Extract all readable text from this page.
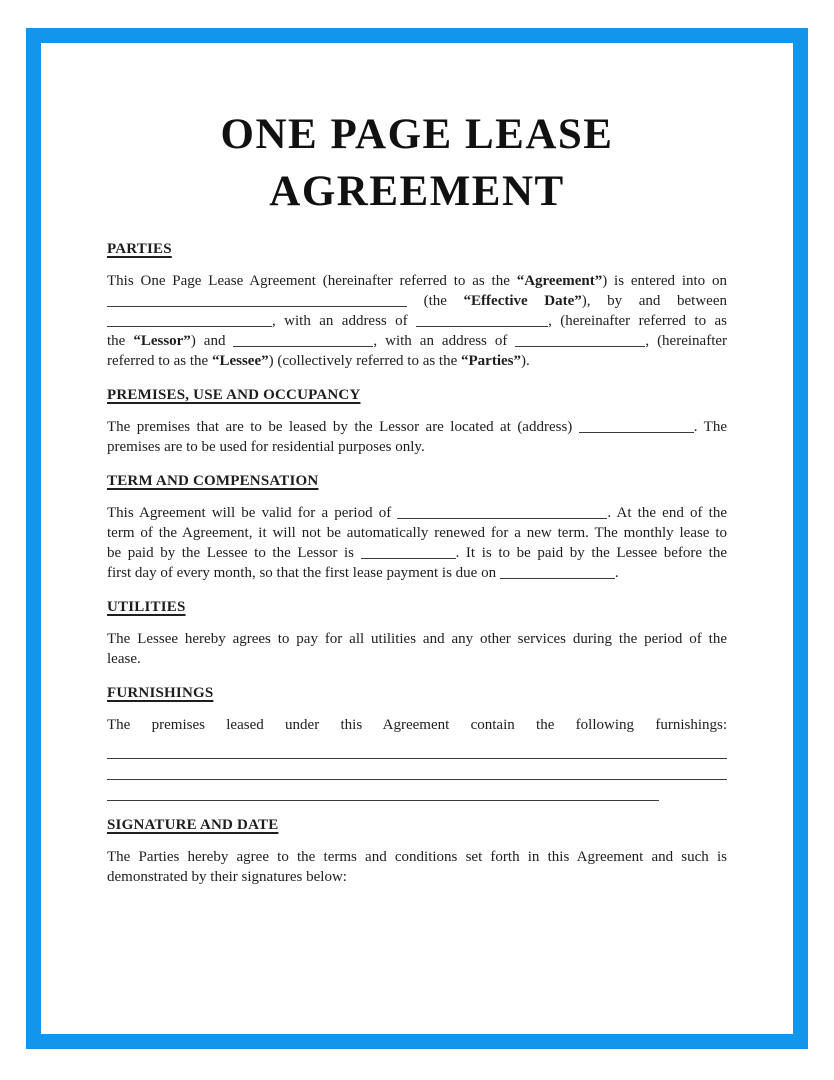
ONE PAGE LEASE
AGREEMENT
PARTIES
This One Page Lease Agreement (hereinafter referred to as the “Agreement”) is entered into on
(the “Effective Date”), by and between
, with an address of	, (hereinafter referred to as
the “Lessor”) and	, with an address of	, (hereinafter
referred to as the “Lessee”) (collectively referred to as the “Parties”).
PREMISES, USE AND OCCUPANCY
The premises that are to be leased by the Lessor are located at (address)	. The
premises are to be used for residential purposes only.
TERM AND COMPENSATION
This Agreement will be valid for a period of	. At the end of the
term of the Agreement, it will not be automatically renewed for a new term. The monthly lease to
be paid by the Lessee to the Lessor is	. It is to be paid by the Lessee before the
first day of every month, so that the first lease payment is due on	.
UTILITIES
The Lessee hereby agrees to pay for all utilities and any other services during the period of the
lease.
FURNISHINGS
The premises leased under this Agreement contain the following furnishings:
SIGNATURE AND DATE
The Parties hereby agree to the terms and conditions set forth in this Agreement and such is
demonstrated by their signatures below:
